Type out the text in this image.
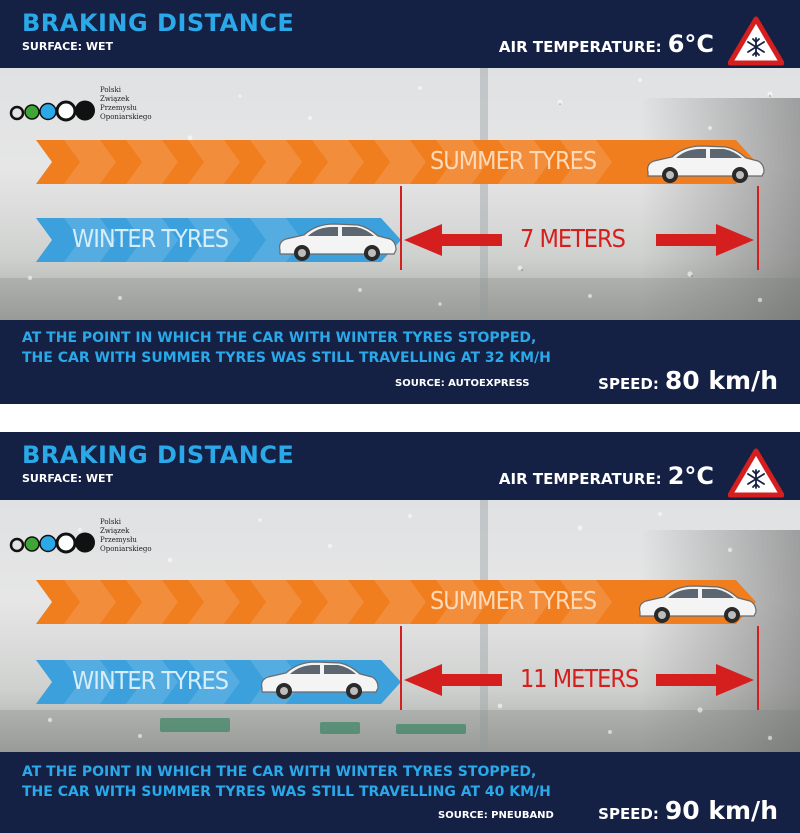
BRAKING DISTANCE
SURFACE: WET	AIR TEMPERATURE: 6°C
Polski
Związek
Przemysłu
Oponiarskiego
SUMMER TYRES
WINTER TYRES	7 METERS
AT THE POINT IN WHICH THE CAR WITH WINTER TYRES STOPPED,
THE CAR WITH SUMMER TYRES WAS STILL TRAVELLING AT 32 KM/H
SOURCE: AUTOEXPRESS	SPEED: 80 km/h
BRAKING DISTANCE
SURFACE: WET	AIR TEMPERATURE: 2°C
Polski
Związek
Przemysłu
Oponiarskiego
SUMMER TYRES
WINTER TYRES	11 METERS
AT THE POINT IN WHICH THE CAR WITH WINTER TYRES STOPPED,
THE CAR WITH SUMMER TYRES WAS STILL TRAVELLING AT 40 KM/H
SOURCE: PNEUBAND	SPEED: 90 km/h
